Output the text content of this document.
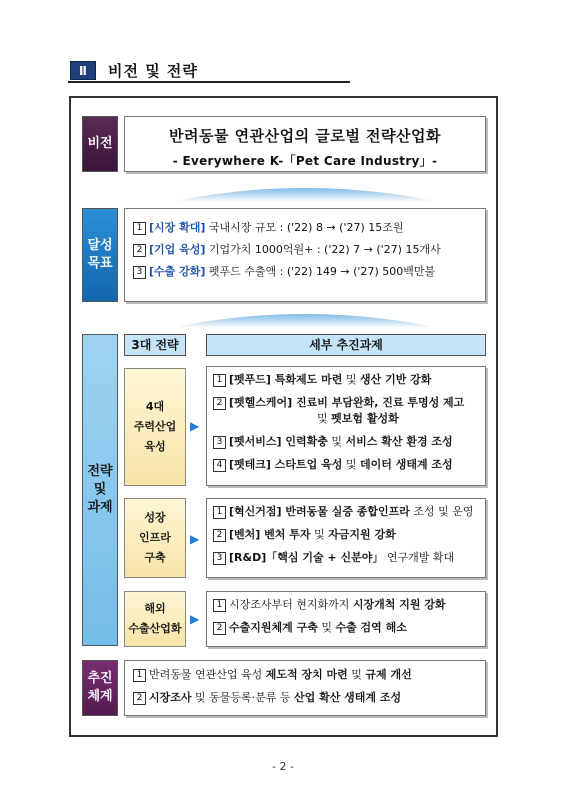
Ⅱ	비전 및 전략
비전	반려동물 연관산업의 글로벌 전략산업화
- Everywhere K-「Pet Care Industry」-
달성
목표
1 [시장 확대] 국내시장 규모 : ('22) 8 → ('27) 15조원
2 [기업 육성] 기업가치 1000억원+ : ('22) 7 → ('27) 15개사
3 [수출 강화] 펫푸드 수출액 : ('22) 149 → ('27) 500백만불
전략
및
과제
3대 전략	세부 추진과제
4대
주력산업
육성
▶
1 [펫푸드] 특화제도 마련 및 생산 기반 강화
2 [펫헬스케어] 진료비 부담완화, 진료 투명성 제고
및 펫보험 활성화
3 [펫서비스] 인력확충 및 서비스 확산 환경 조성
4 [펫테크] 스타트업 육성 및 데이터 생태계 조성
성장
인프라
구축
▶
1 [혁신거점] 반려동물 실증 종합인프라 조성 및 운영
2 [벤처] 벤처 투자 및 자금지원 강화
3 [R&D]「핵심 기술 + 신분야」 연구개발 확대
해외
수출산업화
▶
1 시장조사부터 현지화까지 시장개척 지원 강화
2 수출지원체계 구축 및 수출 검역 해소
추진
체계
1 반려동물 연관산업 육성 제도적 장치 마련 및 규제 개선
2 시장조사 및 동물등록·분류 등 산업 확산 생태계 조성
- 2 -
